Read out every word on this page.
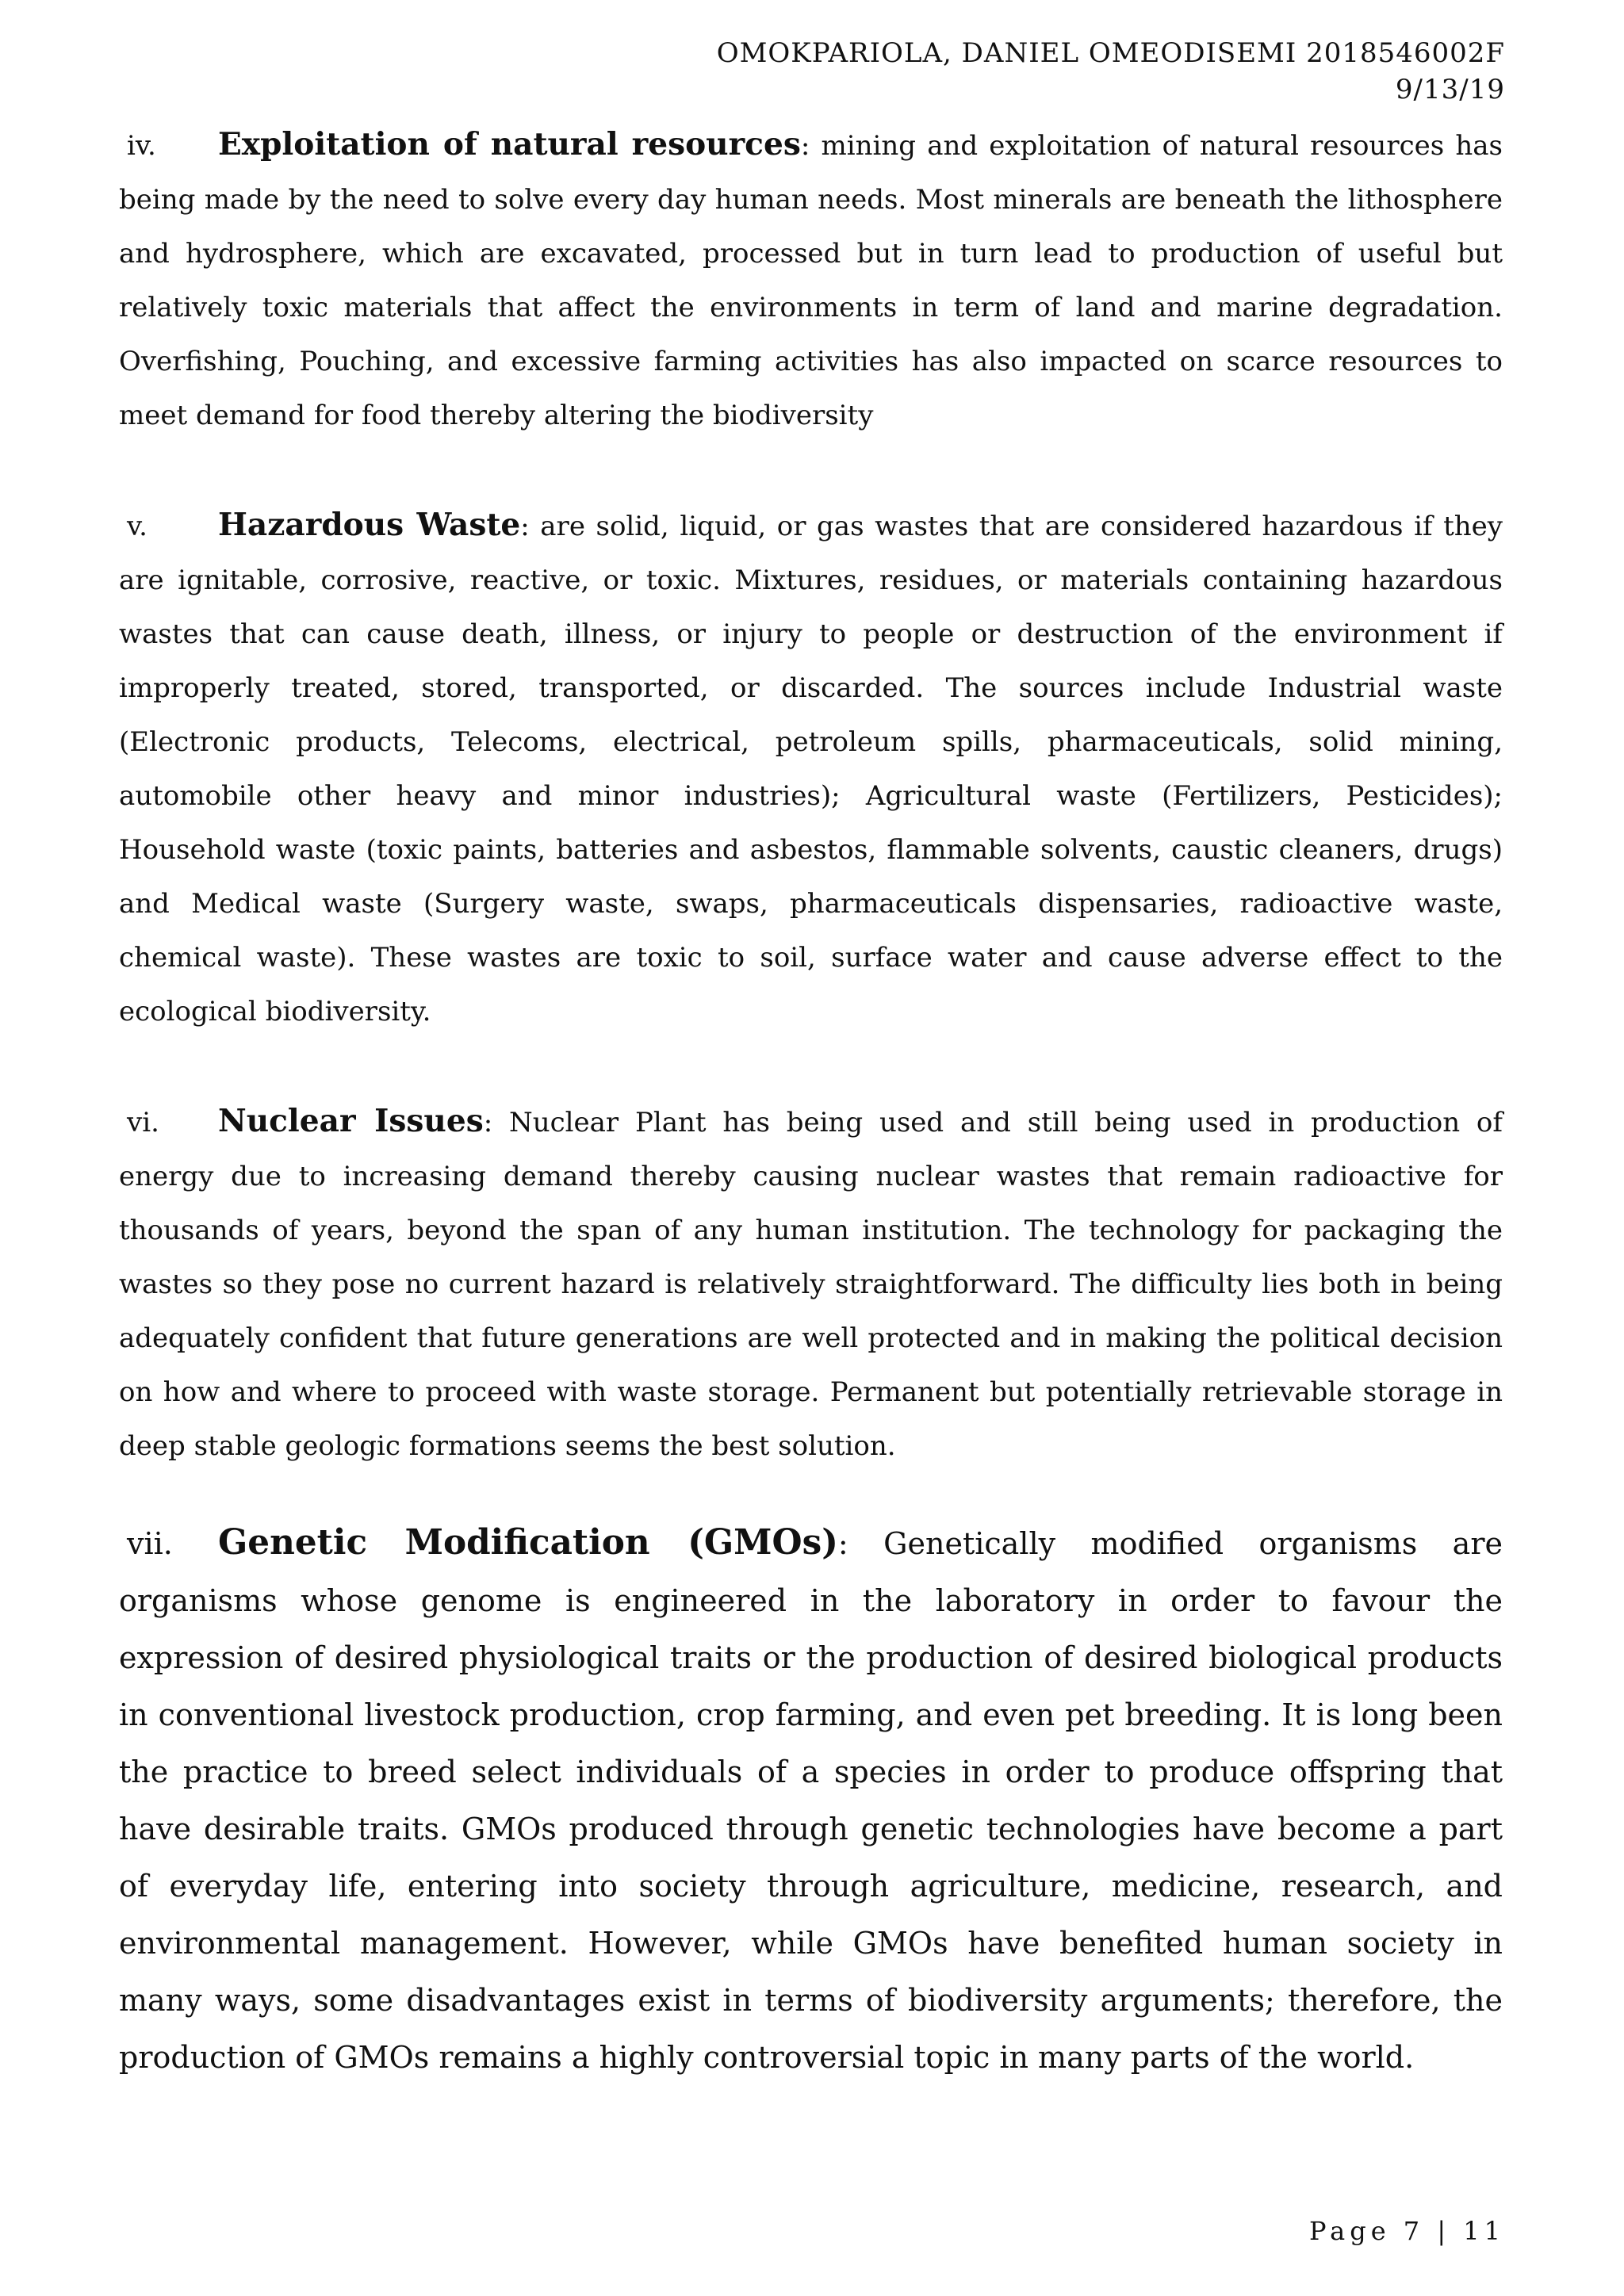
OMOKPARIOLA, DANIEL OMEODISEMI 2018546002F
9/13/19

iv. Exploitation of natural resources: mining and exploitation of natural resources has being made by the need to solve every day human needs. Most minerals are beneath the lithosphere and hydrosphere, which are excavated, processed but in turn lead to production of useful but relatively toxic materials that affect the environments in term of land and marine degradation. Overfishing, Pouching, and excessive farming activities has also impacted on scarce resources to meet demand for food thereby altering the biodiversity

v. Hazardous Waste: are solid, liquid, or gas wastes that are considered hazardous if they are ignitable, corrosive, reactive, or toxic. Mixtures, residues, or materials containing hazardous wastes that can cause death, illness, or injury to people or destruction of the environment if improperly treated, stored, transported, or discarded. The sources include Industrial waste (Electronic products, Telecoms, electrical, petroleum spills, pharmaceuticals, solid mining, automobile other heavy and minor industries); Agricultural waste (Fertilizers, Pesticides); Household waste (toxic paints, batteries and asbestos, flammable solvents, caustic cleaners, drugs) and Medical waste (Surgery waste, swaps, pharmaceuticals dispensaries, radioactive waste, chemical waste). These wastes are toxic to soil, surface water and cause adverse effect to the ecological biodiversity.

vi. Nuclear Issues: Nuclear Plant has being used and still being used in production of energy due to increasing demand thereby causing nuclear wastes that remain radioactive for thousands of years, beyond the span of any human institution. The technology for packaging the wastes so they pose no current hazard is relatively straightforward. The difficulty lies both in being adequately confident that future generations are well protected and in making the political decision on how and where to proceed with waste storage. Permanent but potentially retrievable storage in deep stable geologic formations seems the best solution.

vii. Genetic Modification (GMOs): Genetically modified organisms are organisms whose genome is engineered in the laboratory in order to favour the expression of desired physiological traits or the production of desired biological products in conventional livestock production, crop farming, and even pet breeding. It is long been the practice to breed select individuals of a species in order to produce offspring that have desirable traits. GMOs produced through genetic technologies have become a part of everyday life, entering into society through agriculture, medicine, research, and environmental management. However, while GMOs have benefited human society in many ways, some disadvantages exist in terms of biodiversity arguments; therefore, the production of GMOs remains a highly controversial topic in many parts of the world.

Page 7 | 11
